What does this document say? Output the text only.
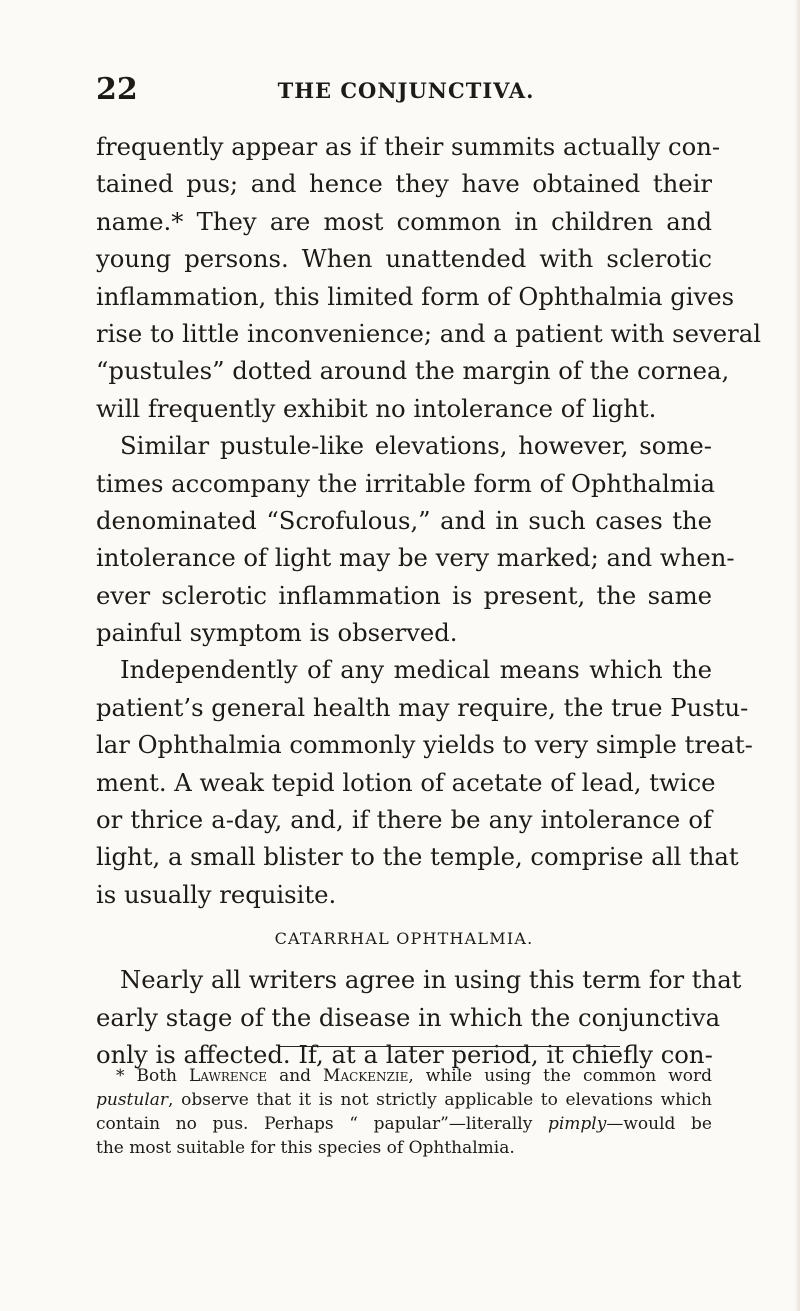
22	THE CONJUNCTIVA.
frequently appear as if their summits actually con-
tained pus; and hence they have obtained their
name.* They are most common in children and
young persons. When unattended with sclerotic
inflammation, this limited form of Ophthalmia gives
rise to little inconvenience; and a patient with several
“pustules” dotted around the margin of the cornea,
will frequently exhibit no intolerance of light.
Similar pustule-like elevations, however, some-
times accompany the irritable form of Ophthalmia
denominated “Scrofulous,” and in such cases the
intolerance of light may be very marked; and when-
ever sclerotic inflammation is present, the same
painful symptom is observed.
Independently of any medical means which the
patient’s general health may require, the true Pustu-
lar Ophthalmia commonly yields to very simple treat-
ment. A weak tepid lotion of acetate of lead, twice
or thrice a-day, and, if there be any intolerance of
light, a small blister to the temple, comprise all that
is usually requisite.
CATARRHAL OPHTHALMIA.
Nearly all writers agree in using this term for that
early stage of the disease in which the conjunctiva
only is affected. If, at a later period, it chiefly con-
* Both Lawrence and Mackenzie, while using the common word
pustular, observe that it is not strictly applicable to elevations which
contain no pus. Perhaps “ papular”—literally pimply—would be
the most suitable for this species of Ophthalmia.
